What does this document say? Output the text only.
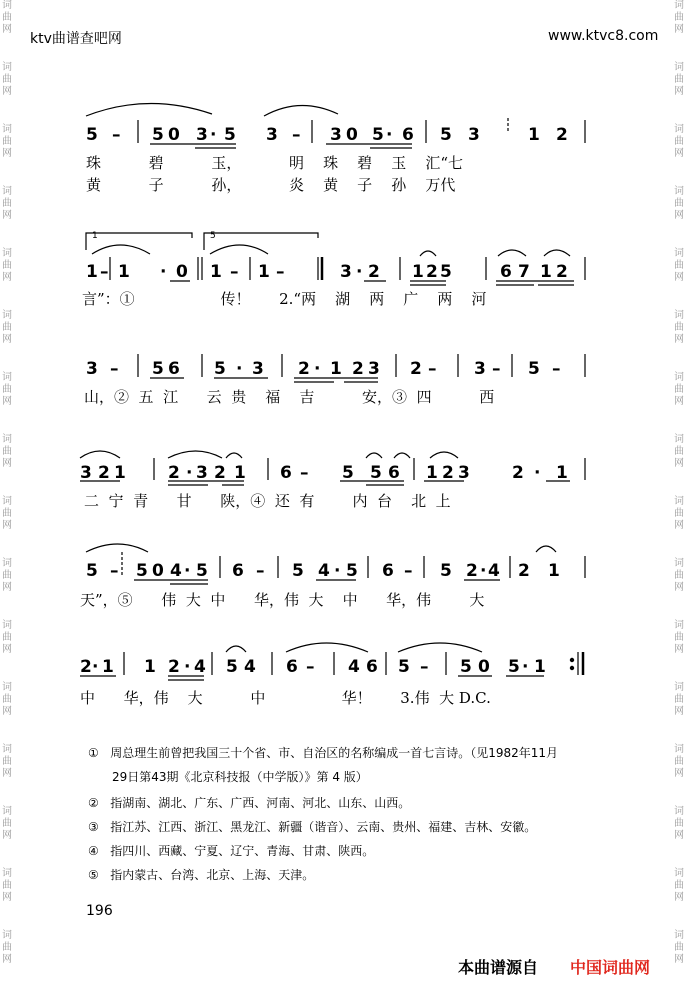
ktv曲谱查吧网	www.ktvc8.com
词
曲
网
词
曲
网
词
曲
网
词
曲
网
词
曲
网
词
曲
网
词
曲
网
词
曲
网
词
曲
网
词
曲
网
词
曲
网
词
曲
网
词
曲
网
词
曲
网
词
曲
网
词
曲
网
词
曲
网
词
曲
网
词
曲
网
词
曲
网
词
曲
网
词
曲
网
词
曲
网
词
曲
网
词
曲
网
词
曲
网
词
曲
网
词
曲
网
词
曲
网
词
曲
网
词
曲
网
词
曲
网
5 – 5 0 3 · 5 3 – 3 0 5 · 6 5 3	1 2
1 – 1 · 0 1 – 1 –	3 · 2 1 2 5	6 7 1 2
3 – 5 6 5 · 3 2 · 1 2 3 2 – 3 – 5 –
3 2 1 2 · 3 2 1 6 – 5 5 6 1 2 3 2 · 1
5 – 5 0 4 · 5 6 – 5 4 · 5 6 – 5 2 · 4 2 1
2 · 1 1 2 · 4 5 4 6 – 4 6 5 – 5 0 5 · 1
1	5
珠          碧          玉，          明    珠    碧    玉    汇“七
黄          子          孙，          炎    黄    子    孙    万代
言”：①                  传！      2.“两    湖    两    广    两    河
山，②  五  江      云  贵    福    吉          安，③  四          西
二  宁  青      甘      陕，④  还  有        内  台    北  上
天”，⑤      伟  大  中      华，伟  大    中      华，伟        大
中      华，伟    大          中                华！      3.伟  大 D.C.
① 周总理生前曾把我国三十个省、市、自治区的名称编成一首七言诗。（见1982年11月
29日第43期《北京科技报（中学版）》第 4 版）
② 指湖南、湖北、广东、广西、河南、河北、山东、山西。
③ 指江苏、江西、浙江、黑龙江、新疆（谐音）、云南、贵州、福建、吉林、安徽。
④ 指四川、西藏、宁夏、辽宁、青海、甘肃、陕西。
⑤ 指内蒙古、台湾、北京、上海、天津。
196
本曲谱源自 中国词曲网
